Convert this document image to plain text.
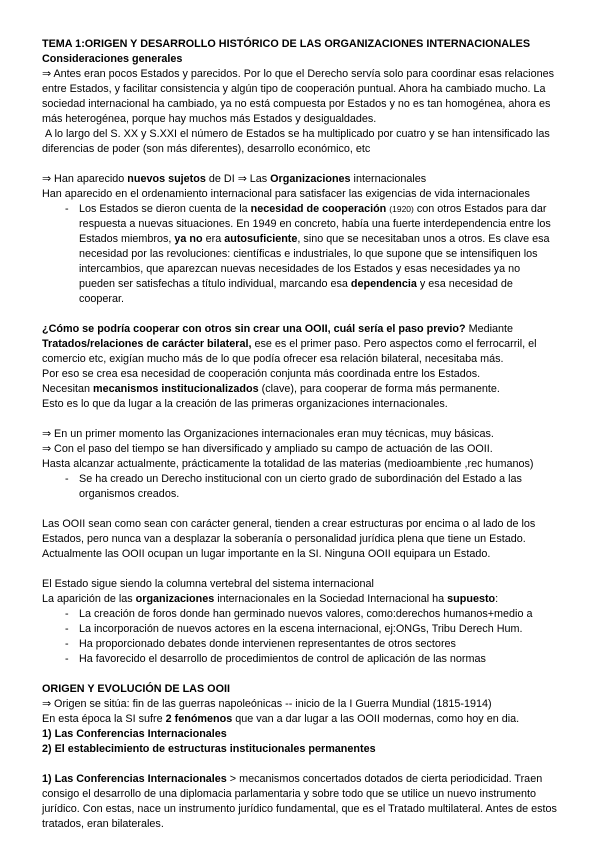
TEMA 1:ORIGEN Y DESARROLLO HISTÓRICO DE LAS ORGANIZACIONES INTERNACIONALES
Consideraciones generales
⇒ Antes eran pocos Estados y parecidos. Por lo que el Derecho servía solo para coordinar esas relaciones entre Estados, y facilitar consistencia y algún tipo de cooperación puntual. Ahora ha cambiado mucho. La sociedad internacional ha cambiado, ya no está compuesta por Estados y no es tan homogénea, ahora es más heterogénea, porque hay muchos más Estados y desigualdades.
A lo largo del S. XX y S.XXI el número de Estados se ha multiplicado por cuatro y se han intensificado las diferencias de poder (son más diferentes), desarrollo económico, etc
⇒ Han aparecido nuevos sujetos de DI ⇒ Las Organizaciones internacionales
Han aparecido en el ordenamiento internacional para satisfacer las exigencias de vida internacionales
- Los Estados se dieron cuenta de la necesidad de cooperación (1920) con otros Estados para dar respuesta a nuevas situaciones. En 1949 en concreto, había una fuerte interdependencia entre los Estados miembros, ya no era autosuficiente, sino que se necesitaban unos a otros. Es clave esa necesidad por las revoluciones: científicas e industriales, lo que supone que se intensifiquen los intercambios, que aparezcan nuevas necesidades de los Estados y esas necesidades ya no pueden ser satisfechas a título individual, marcando esa dependencia y esa necesidad de cooperar.
¿Cómo se podría cooperar con otros sin crear una OOII, cuál sería el paso previo? Mediante Tratados/relaciones de carácter bilateral, ese es el primer paso. Pero aspectos como el ferrocarril, el comercio etc, exigían mucho más de lo que podía ofrecer esa relación bilateral, necesitaba más.
Por eso se crea esa necesidad de cooperación conjunta más coordinada entre los Estados.
Necesitan mecanismos institucionalizados (clave), para cooperar de forma más permanente.
Esto es lo que da lugar a la creación de las primeras organizaciones internacionales.
⇒ En un primer momento las Organizaciones internacionales eran muy técnicas, muy básicas.
⇒ Con el paso del tiempo se han diversificado y ampliado su campo de actuación de las OOII.
Hasta alcanzar actualmente, prácticamente la totalidad de las materias (medioambiente ,rec humanos)
- Se ha creado un Derecho institucional con un cierto grado de subordinación del Estado a las organismos creados.
Las OOII sean como sean con carácter general, tienden a crear estructuras por encima o al lado de los Estados, pero nunca van a desplazar la soberanía o personalidad jurídica plena que tiene un Estado. Actualmente las OOII ocupan un lugar importante en la SI. Ninguna OOII equipara un Estado.
El Estado sigue siendo la columna vertebral del sistema internacional
La aparición de las organizaciones internacionales en la Sociedad Internacional ha supuesto:
- La creación de foros donde han germinado nuevos valores, como:derechos humanos+medio a
- La incorporación de nuevos actores en la escena internacional, ej:ONGs, Tribu Derech Hum.
- Ha proporcionado debates donde intervienen representantes de otros sectores
- Ha favorecido el desarrollo de procedimientos de control de aplicación de las normas
ORIGEN Y EVOLUCIÓN DE LAS OOII
⇒ Origen se sitúa: fin de las guerras napoleónicas -- inicio de la I Guerra Mundial (1815-1914)
En esta época la SI sufre 2 fenómenos que van a dar lugar a las OOII modernas, como hoy en dia.
1) Las Conferencias Internacionales
2) El establecimiento de estructuras institucionales permanentes
1) Las Conferencias Internacionales > mecanismos concertados dotados de cierta periodicidad. Traen consigo el desarrollo de una diplomacia parlamentaria y sobre todo que se utilice un nuevo instrumento jurídico. Con estas, nace un instrumento jurídico fundamental, que es el Tratado multilateral. Antes de estos tratados, eran bilaterales.
